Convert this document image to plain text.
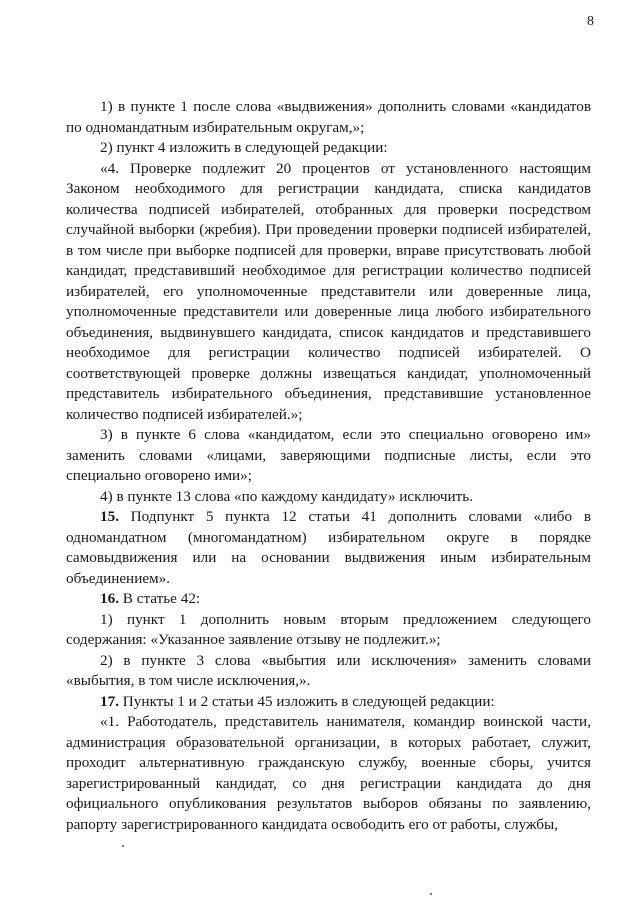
8

1) в пункте 1 после слова «выдвижения» дополнить словами «кандидатов по одномандатным избирательным округам,»;

2) пункт 4 изложить в следующей редакции:

«4. Проверке подлежит 20 процентов от установленного настоящим Законом необходимого для регистрации кандидата, списка кандидатов количества подписей избирателей, отобранных для проверки посредством случайной выборки (жребия). При проведении проверки подписей избирателей, в том числе при выборке подписей для проверки, вправе присутствовать любой кандидат, представивший необходимое для регистрации количество подписей избирателей, его уполномоченные представители или доверенные лица, уполномоченные представители или доверенные лица любого избирательного объединения, выдвинувшего кандидата, список кандидатов и представившего необходимое для регистрации количество подписей избирателей. О соответствующей проверке должны извещаться кандидат, уполномоченный представитель избирательного объединения, представившие установленное количество подписей избирателей.»;

3) в пункте 6 слова «кандидатом, если это специально оговорено им» заменить словами «лицами, заверяющими подписные листы, если это специально оговорено ими»;

4) в пункте 13 слова «по каждому кандидату» исключить.

15. Подпункт 5 пункта 12 статьи 41 дополнить словами «либо в одномандатном (многомандатном) избирательном округе в порядке самовыдвижения или на основании выдвижения иным избирательным объединением».

16. В статье 42:

1) пункт 1 дополнить новым вторым предложением следующего содержания: «Указанное заявление отзыву не подлежит.»;

2) в пункте 3 слова «выбытия или исключения» заменить словами «выбытия, в том числе исключения,».

17. Пункты 1 и 2 статьи 45 изложить в следующей редакции:

«1. Работодатель, представитель нанимателя, командир воинской части, администрация образовательной организации, в которых работает, служит, проходит альтернативную гражданскую службу, военные сборы, учится зарегистрированный кандидат, со дня регистрации кандидата до дня официального опубликования результатов выборов обязаны по заявлению, рапорту зарегистрированного кандидата освободить его от работы, службы,
